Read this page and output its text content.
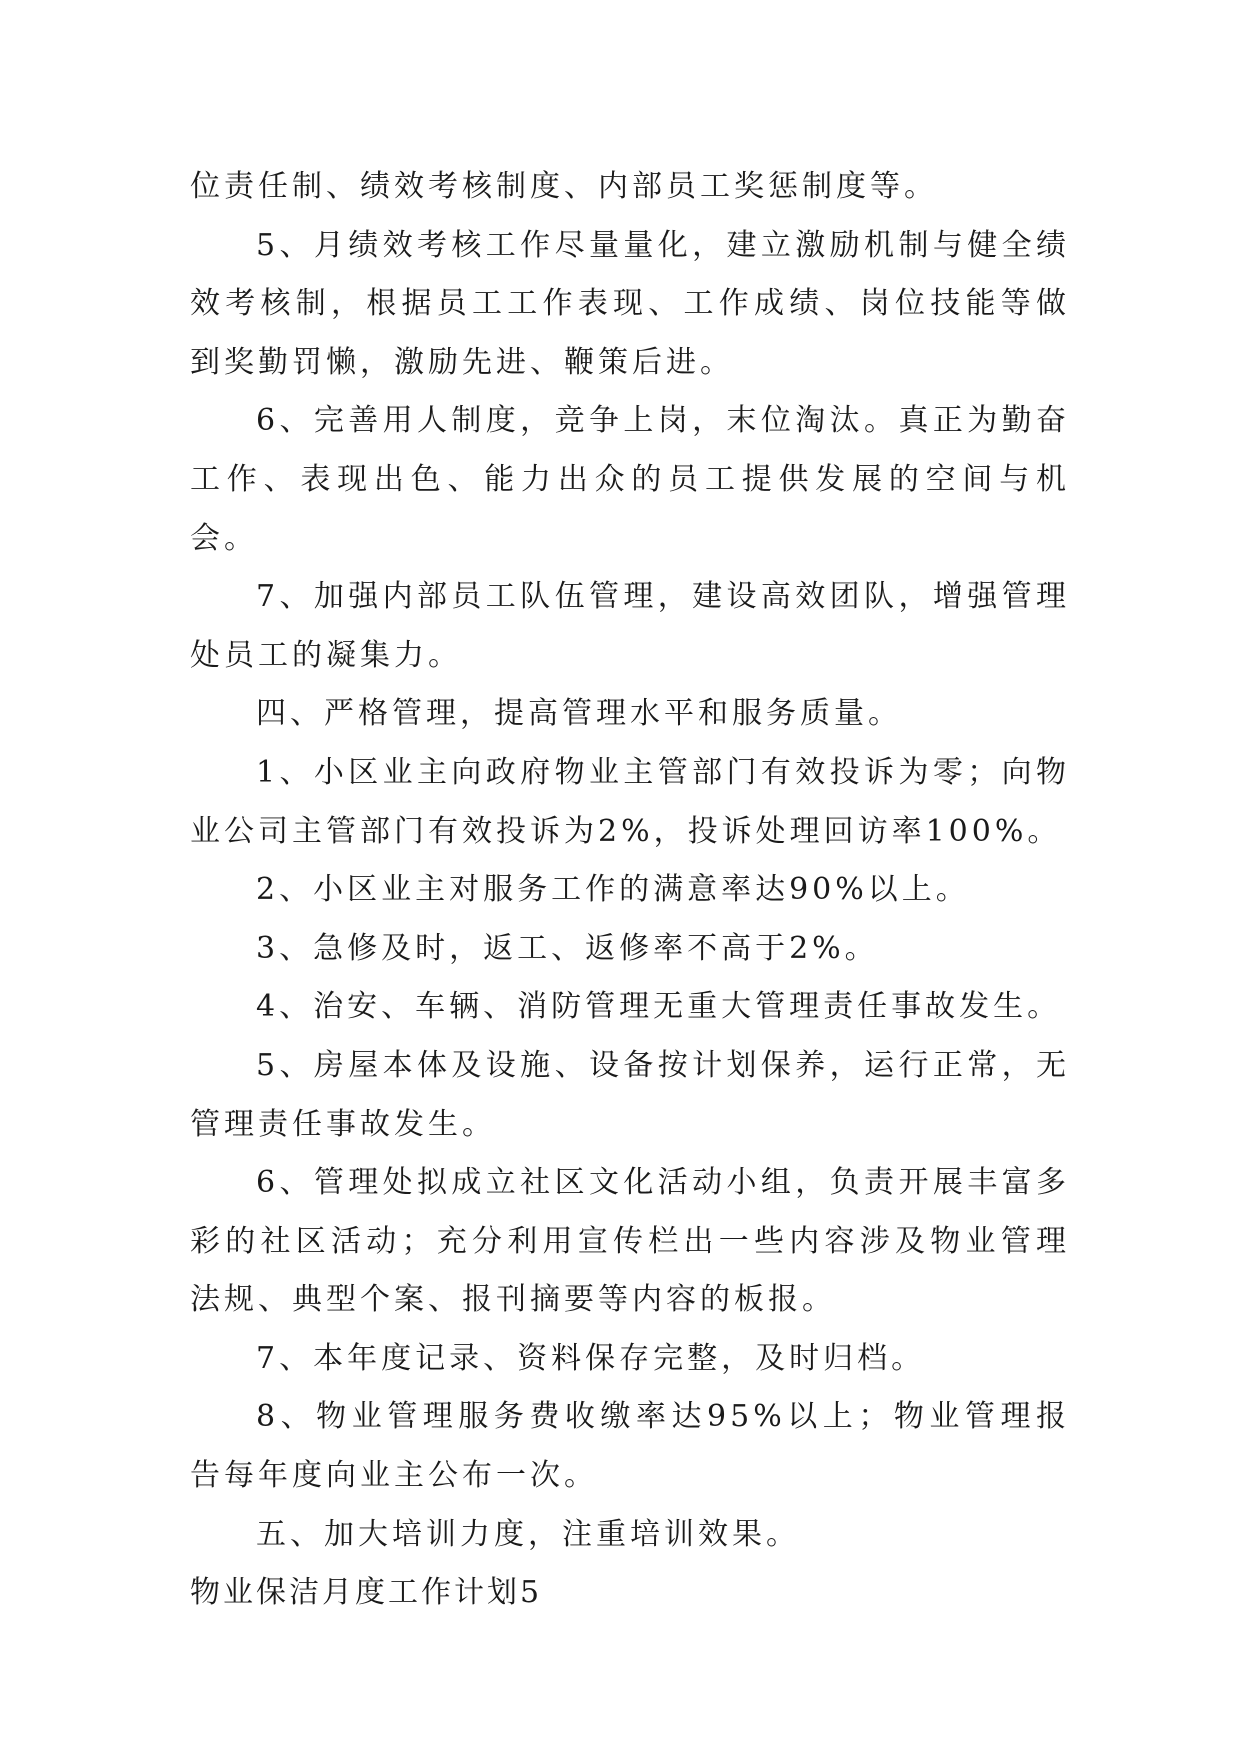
位责任制、绩效考核制度、内部员工奖惩制度等。

5、月绩效考核工作尽量量化，建立激励机制与健全绩效考核制，根据员工工作表现、工作成绩、岗位技能等做到奖勤罚懒，激励先进、鞭策后进。

6、完善用人制度，竞争上岗，末位淘汰。真正为勤奋工作、表现出色、能力出众的员工提供发展的空间与机会。

7、加强内部员工队伍管理，建设高效团队，增强管理处员工的凝集力。

四、严格管理，提高管理水平和服务质量。

1、小区业主向政府物业主管部门有效投诉为零；向物业公司主管部门有效投诉为2%，投诉处理回访率100%。

2、小区业主对服务工作的满意率达90%以上。

3、急修及时，返工、返修率不高于2%。

4、治安、车辆、消防管理无重大管理责任事故发生。

5、房屋本体及设施、设备按计划保养，运行正常，无管理责任事故发生。

6、管理处拟成立社区文化活动小组，负责开展丰富多彩的社区活动；充分利用宣传栏出一些内容涉及物业管理法规、典型个案、报刊摘要等内容的板报。

7、本年度记录、资料保存完整，及时归档。

8、物业管理服务费收缴率达95%以上；物业管理报告每年度向业主公布一次。

五、加大培训力度，注重培训效果。

物业保洁月度工作计划5
